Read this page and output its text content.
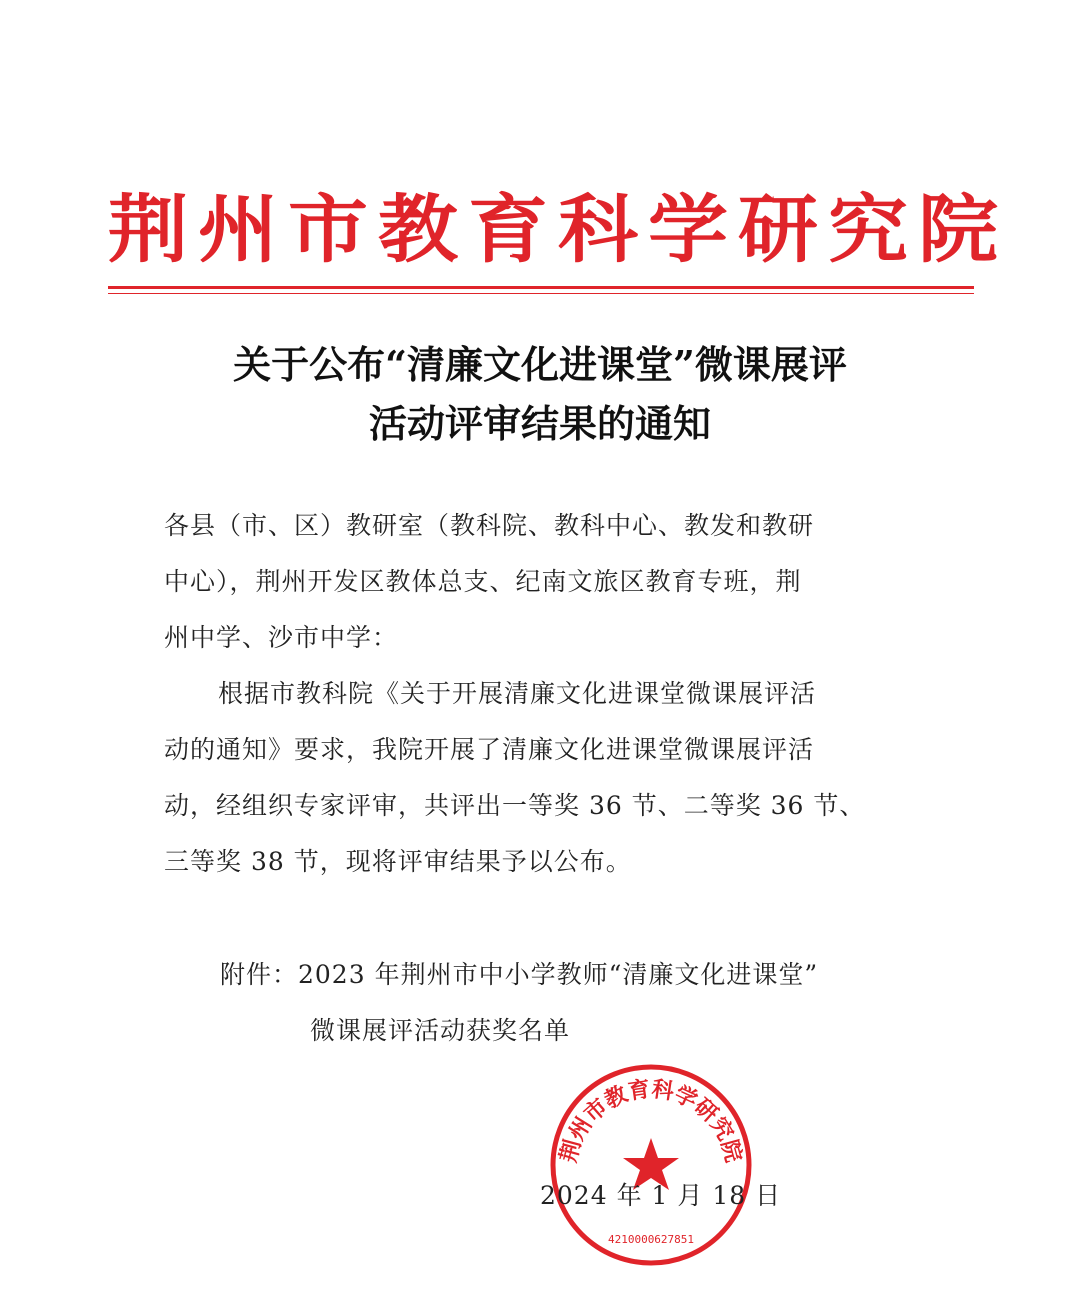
荆州市教育科学研究院
关于公布“清廉文化进课堂”微课展评
活动评审结果的通知
各县（市、区）教研室（教科院、教科中心、教发和教研
中心），荆州开发区教体总支、纪南文旅区教育专班，荆
州中学、沙市中学：
根据市教科院《关于开展清廉文化进课堂微课展评活
动的通知》要求，我院开展了清廉文化进课堂微课展评活
动，经组织专家评审，共评出一等奖 36 节、二等奖 36 节、
三等奖 38 节，现将评审结果予以公布。
附件：2023 年荆州市中小学教师“清廉文化进课堂”
微课展评活动获奖名单
荆州市教育科学研究院
4210000627851
2024 年 1 月 18 日
